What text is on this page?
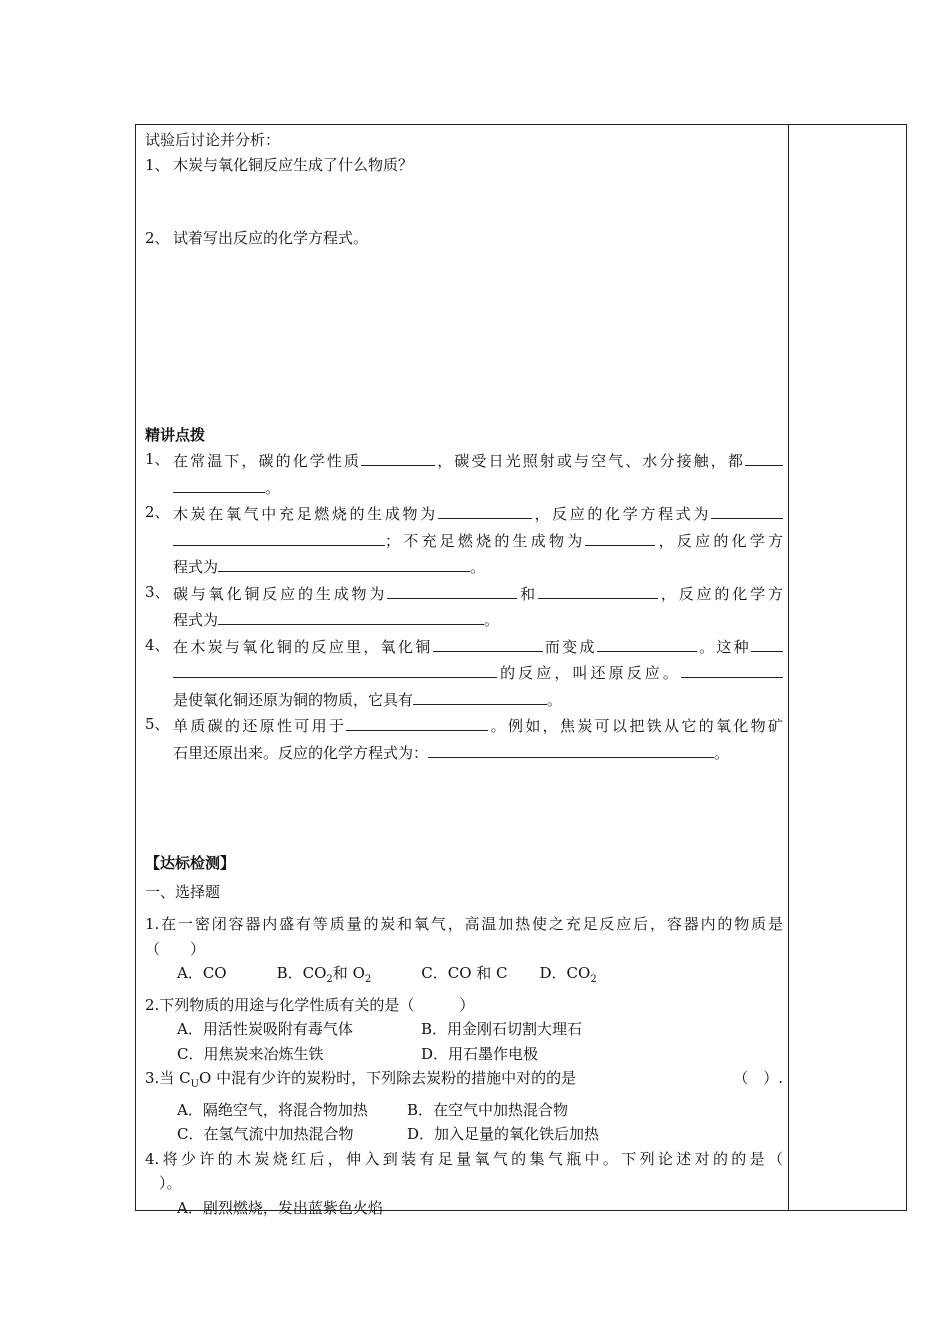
试验后讨论并分析：
1、 木炭与氧化铜反应生成了什么物质？
2、 试着写出反应的化学方程式。
精讲点拨
1、 在常温下，碳的化学性质	，碳受日光照射或与空气、水分接触，都
。
2、 木炭在氧气中充足燃烧的生成物为	，反应的化学方程式为
；不充足燃烧的生成物为	，反应的化学方
程式为	。
3、 碳与氧化铜反应的生成物为	和	，反应的化学方
程式为	。
4、 在木炭与氧化铜的反应里，氧化铜	而变成	。这种
的反应，叫还原反应。
是使氧化铜还原为铜的物质，它具有	。
5、 单质碳的还原性可用于	。例如，焦炭可以把铁从它的氧化物矿
石里还原出来。反应的化学方程式为：	。
【达标检测】
一、选择题
1.在一密闭容器内盛有等质量的炭和氧气，高温加热使之充足反应后，容器内的物质是
（　　）
A．CO	B．$CO_2$和 $O_2$	C．CO 和 C D．$CO_2$
2.下列物质的用途与化学性质有关的是（　　　）
A．用活性炭吸附有毒气体	B．用金刚石切割大理石
C．用焦炭来冶炼生铁	D．用石墨作电极
3.当 $C_UO$ 中混有少许的炭粉时，下列除去炭粉的措施中对的的是	（　）.
A．隔绝空气，将混合物加热	B．在空气中加热混合物
C．在氢气流中加热混合物	D．加入足量的氧化铁后加热
4.将少许的木炭烧红后，伸入到装有足量氧气的集气瓶中。下列论述对的的是（
）。
A．剧烈燃烧，发出蓝紫色火焰
